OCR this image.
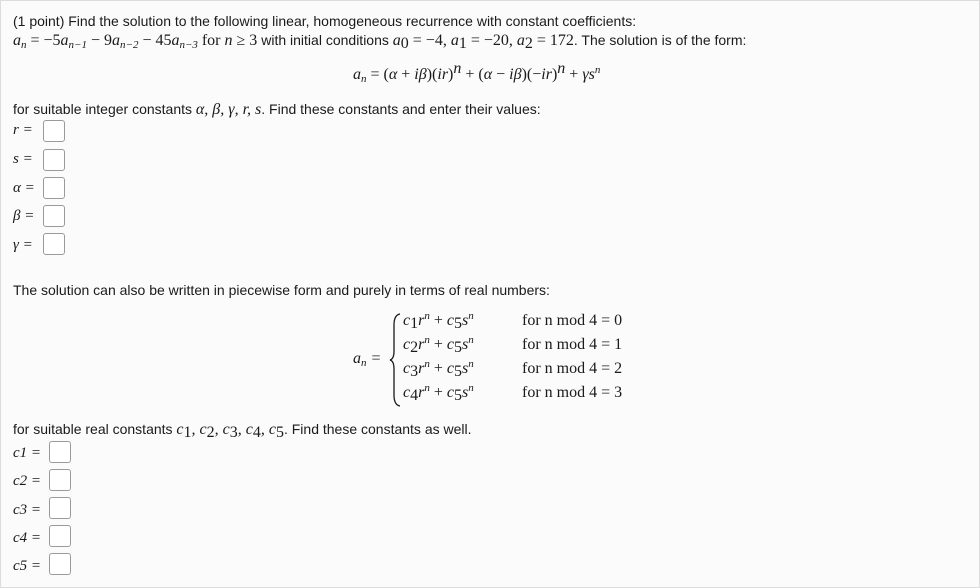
(1 point) Find the solution to the following linear, homogeneous recurrence with constant coefficients:
$a_n = -5a_{n-1} - 9a_{n-2} - 45a_{n-3}$ for n ≥ 3 with initial conditions $a_0 = -4$, $a_1 = -20$, $a_2 = 172$. The solution is of the form:
$a_n = (\alpha + i\beta)(ir)^n + (\alpha - i\beta)(-ir)^n + \gamma s^n$
for suitable integer constants α, β, γ, r, s. Find these constants and enter their values:
r =
s =
α =
β =
γ =
The solution can also be written in piecewise form and purely in terms of real numbers:
$a_n$ =
$c_1r^n + c_5s^n$
$c_2r^n + c_5s^n$
$c_3r^n + c_5s^n$
$c_4r^n + c_5s^n$
for n mod 4 = 0
for n mod 4 = 1
for n mod 4 = 2
for n mod 4 = 3
for suitable real constants $c_1$, $c_2$, $c_3$, $c_4$, $c_5$. Find these constants as well.
c1 =
c2 =
c3 =
c4 =
c5 =
